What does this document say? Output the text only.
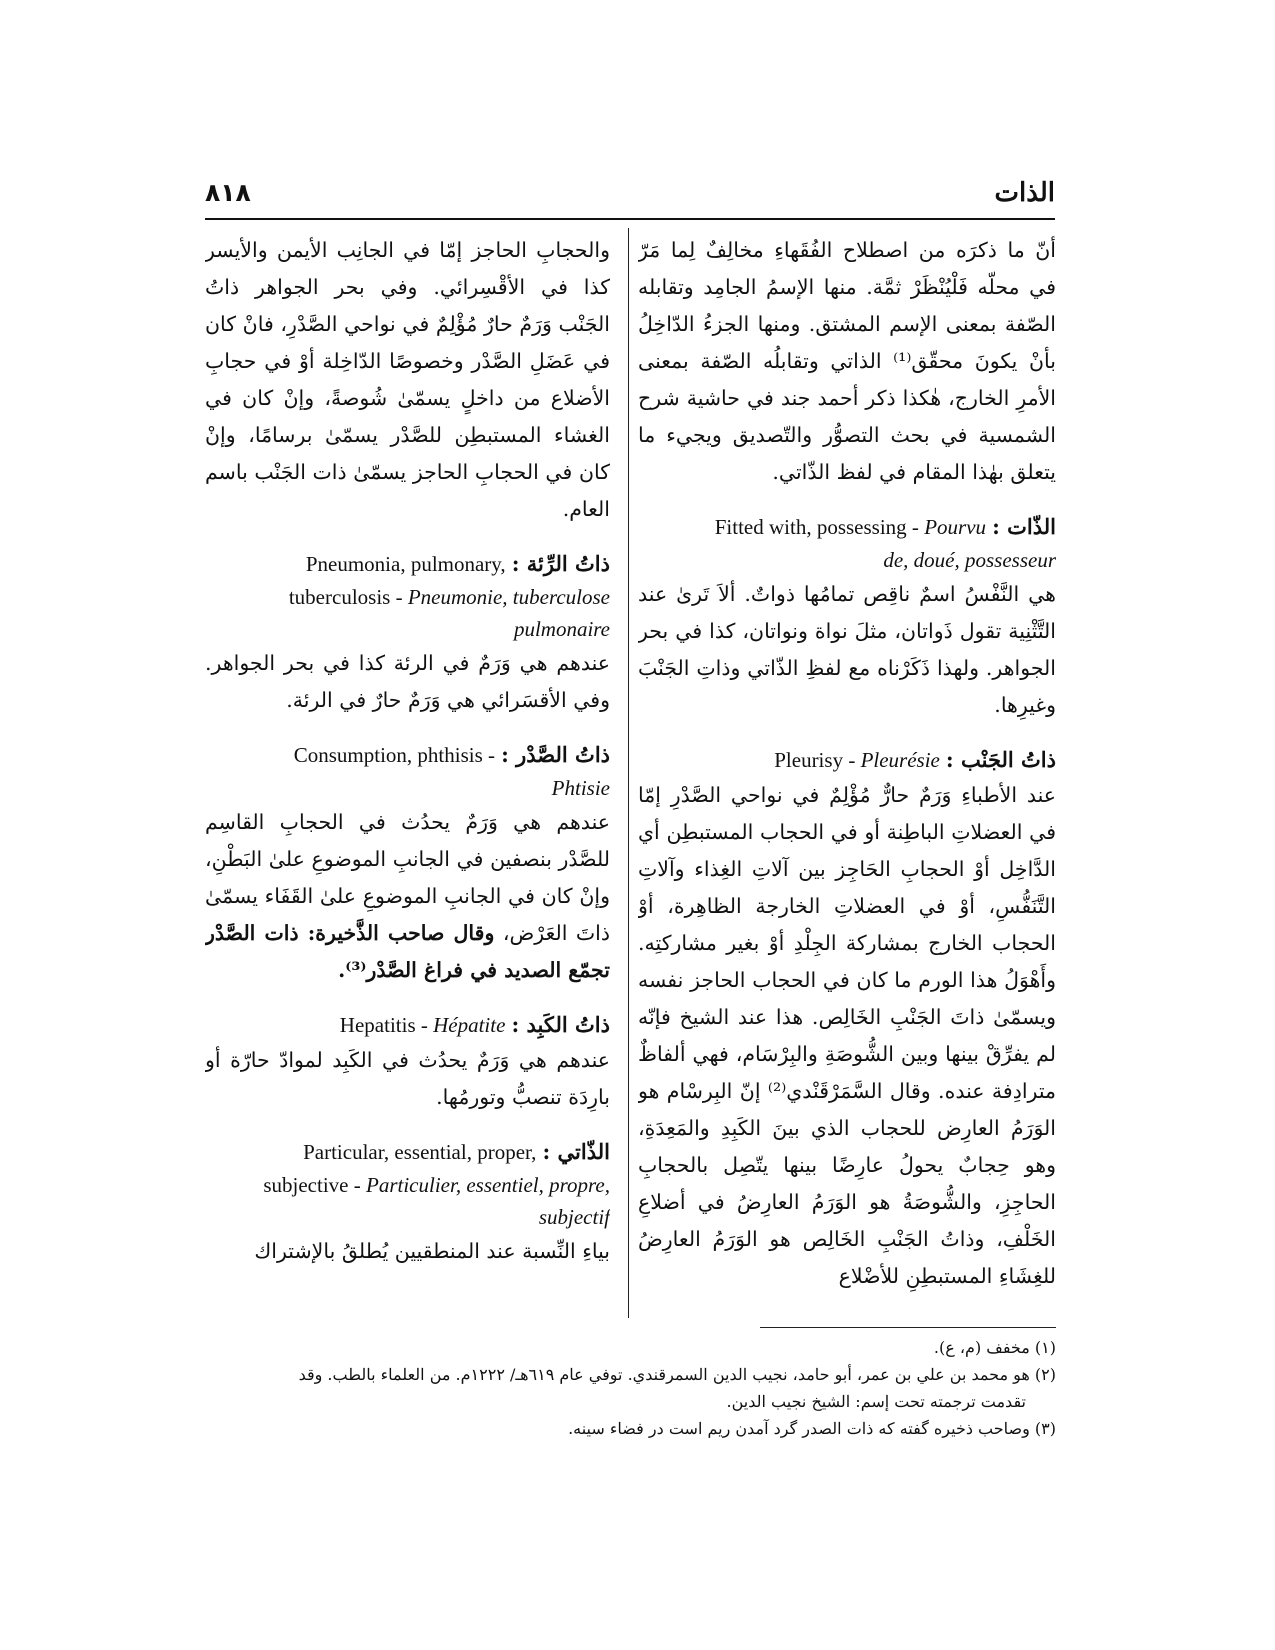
٨١٨	الذات

أنّ ما ذكرَه من اصطلاح الفُقَهاءِ مخالِفٌ لِما مَرّ في محلّه فَلْيُنْظَرْ ثمَّة. منها الإسمُ الجامِد وتقابله الصّفة بمعنى الإسم المشتق. ومنها الجزءُ الدّاخِلُ بأنْ يكونَ محقّق⁽¹⁾ الذاتي وتقابلُه الصّفة بمعنى الأمرِ الخارج، هٰكذا ذكر أحمد جند في حاشية شرح الشمسية في بحث التصوُّر والتّصديق ويجيء ما يتعلق بهٰذا المقام في لفظ الذّاتي.

الذّات : Fitted with, possessing - Pourvu
de, doué, possesseur

هي النَّفْسُ اسمٌ ناقِص تمامُها ذواتٌ. ألاَ تَرىٰ عند التَّثْنِية تقول ذَواتان، مثلَ نواة ونواتان، كذا في بحر الجواهر. ولهذا ذَكَرْناه مع لفظِ الذّاتي وذاتِ الجَنْبَ وغيرِها.

ذاتُ الجَنْب : Pleurisy - Pleurésie

عند الأطباءِ وَرَمٌ حارٌّ مُؤْلِمٌ في نواحي الصَّدْرِ إمّا في العضلاتِ الباطِنة أو في الحجاب المستبطِن أي الدَّاخِل أوْ الحجابِ الحَاجِز بين آلاتِ الغِذاء وآلاتِ التَّنَفُّسِ، أوْ في العضلاتِ الخارجة الظاهِرة، أوْ الحجاب الخارج بمشاركة الجِلْدِ أوْ بغير مشاركتِه. وأَهْوَلُ هذا الورم ما كان في الحجاب الحاجز نفسه ويسمّىٰ ذاتَ الجَنْبِ الخَالِص. هذا عند الشيخ فإنّه لم يفرِّقْ بينها وبين الشُّوصَةِ والبِرْسَام، فهي ألفاظٌ مترادِفة عنده. وقال السَّمَرْقَنْدي⁽²⁾ إنّ البِرسْام هو الوَرَمُ العارِض للحجاب الذي بينَ الكَبِدِ والمَعِدَةِ، وهو حِجابٌ يحولُ عارِضًا بينها يتّصِل بالحجابِ الحاجِزِ، والشُّوصَةُ هو الوَرَمُ العارِضُ في أضلاعِ الخَلْفِ، وذاتُ الجَنْبِ الخَالِص هو الوَرَمُ العارِضُ للغِشَاءِ المستبطِنِ للأضْلاع

والحجابِ الحاجز إمّا في الجانِب الأيمن والأيسر كذا في الأقْسِرائي. وفي بحر الجواهر ذاتُ الجَنْب وَرَمٌ حارٌ مُؤْلِمٌ في نواحي الصَّدْرِ، فانْ كان في عَضَلِ الصَّدْر وخصوصًا الدّاخِلة أوْ في حجابِ الأضلاع من داخلٍ يسمّىٰ شُوصةً، وإنْ كان في الغشاء المستبطِن للصَّدْر يسمّىٰ برسامًا، وإنْ كان في الحجابِ الحاجز يسمّىٰ ذات الجَنْب باسم العام.

ذاتُ الرِّئة : Pneumonia, pulmonary,
tuberculosis - Pneumonie, tuberculose
pulmonaire

عندهم هي وَرَمٌ في الرئة كذا في بحر الجواهر. وفي الأقسَرائي هي وَرَمٌ حارٌ في الرئة.

ذاتُ الصَّدْر : Consumption, phthisis -
Phtisie

عندهم هي وَرَمٌ يحدُث في الحجابِ القاسِم للصَّدْر بنصفين في الجانبِ الموضوعِ علىٰ البَطْنِ، وإنْ كان في الجانبِ الموضوعِ علىٰ القَفَاء يسمّىٰ ذاتَ العَرْض، وقال صاحب الذَّخيرة: ذات الصَّدْر تجمّع الصديد في فراغ الصَّدْر⁽³⁾.

ذاتُ الكَبِد : Hepatitis - Hépatite

عندهم هي وَرَمٌ يحدُث في الكَبِد لموادّ حارّة أو بارِدَة تنصبُّ وتورمُها.

الذّاتي : Particular, essential, proper,
subjective - Particulier, essentiel, propre,
subjectif

بياءِ النِّسبة عند المنطقيين يُطلقُ بالإشتراك

(١) مخفف (م، ع).

(٢) هو محمد بن علي بن عمر، أبو حامد، نجيب الدين السمرقندي. توفي عام ٦١٩هـ/ ١٢٢٢م. من العلماء بالطب. وقد

تقدمت ترجمته تحت إسم: الشيخ نجيب الدين.

(٣) وصاحب ذخيره گفته كه ذات الصدر گرد آمدن ريم است در فضاء سينه.
